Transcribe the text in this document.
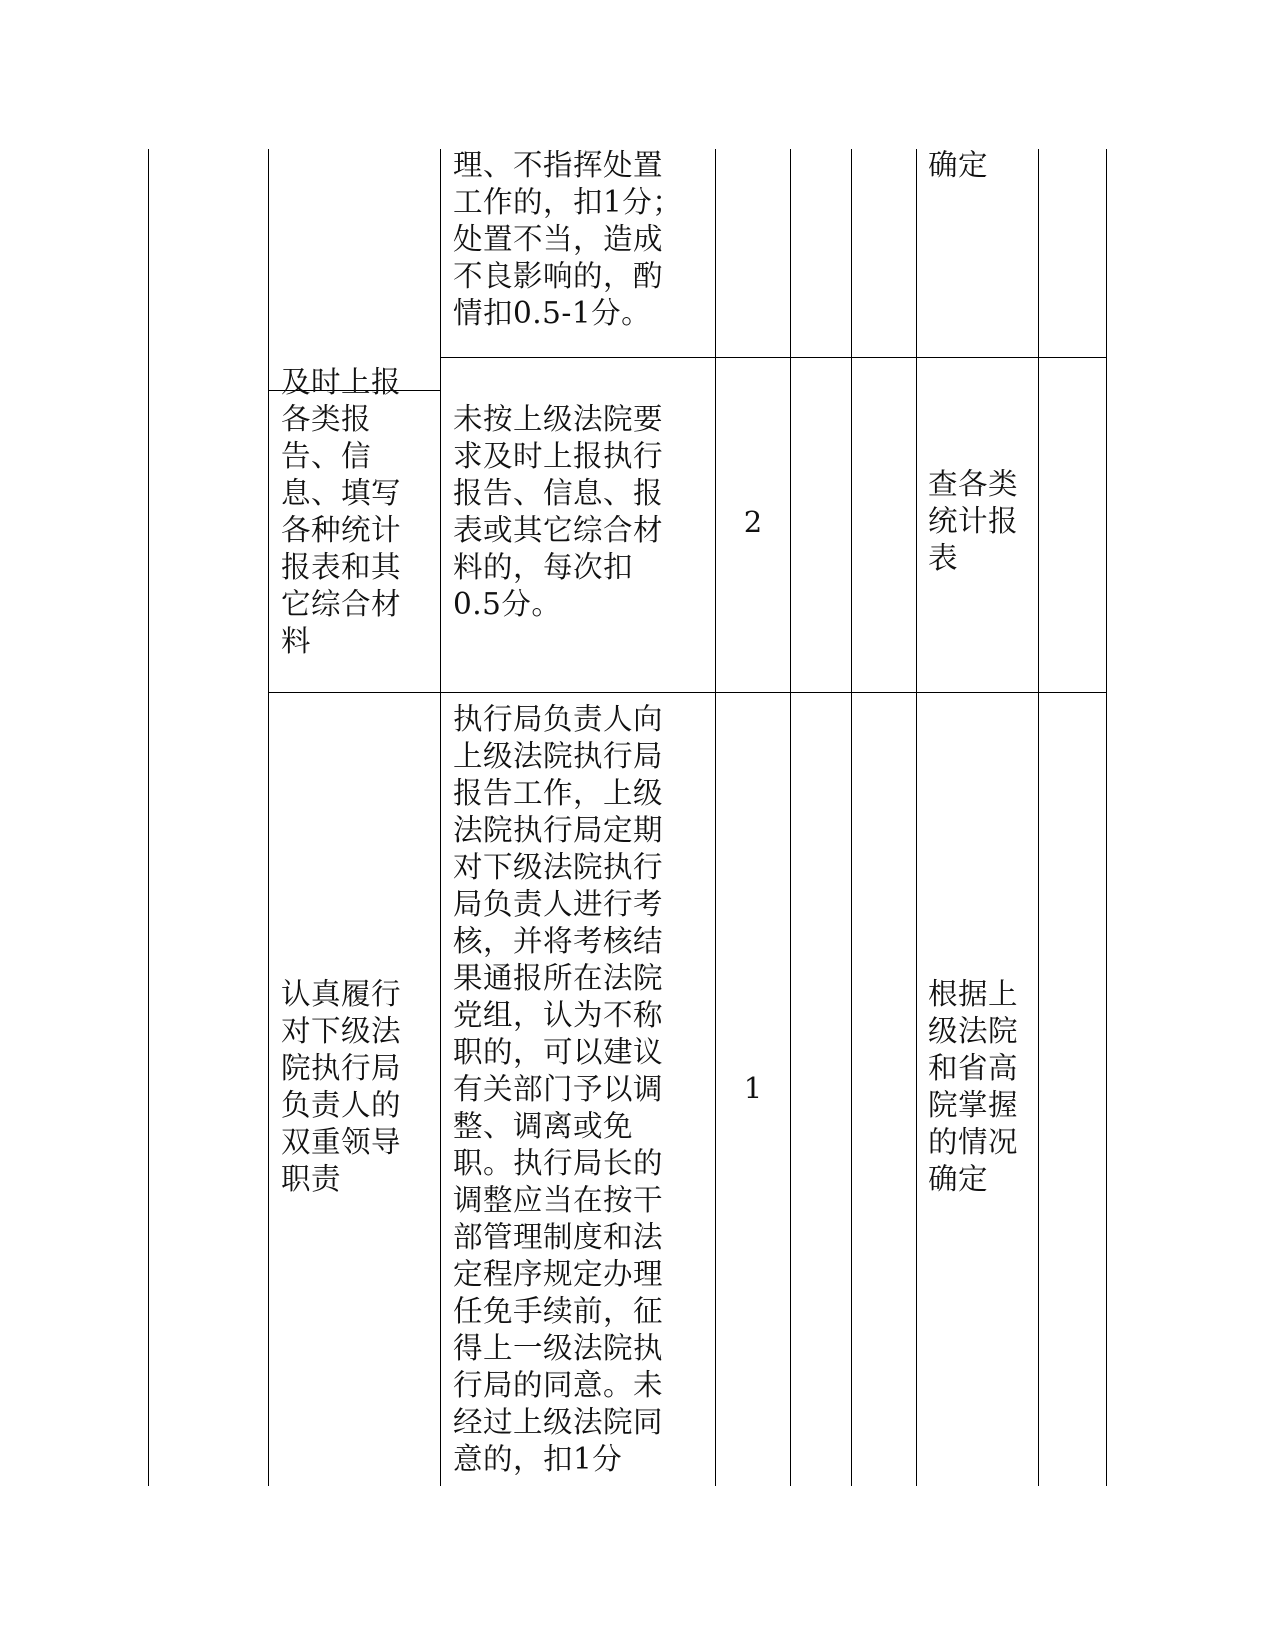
理、不指挥处置
工作的，扣1分；
处置不当，造成
不良影响的，酌
情扣0.5-1分。
确定
及时上报
各类报
告、信
息、填写
各种统计
报表和其
它综合材
料
未按上级法院要
求及时上报执行
报告、信息、报
表或其它综合材
料的，每次扣
0.5分。
2
查各类
统计报
表
认真履行
对下级法
院执行局
负责人的
双重领导
职责
执行局负责人向
上级法院执行局
报告工作，上级
法院执行局定期
对下级法院执行
局负责人进行考
核，并将考核结
果通报所在法院
党组，认为不称
职的，可以建议
有关部门予以调
整、调离或免
职。执行局长的
调整应当在按干
部管理制度和法
定程序规定办理
任免手续前，征
得上一级法院执
行局的同意。未
经过上级法院同
意的，扣1分
1
根据上
级法院
和省高
院掌握
的情况
确定
